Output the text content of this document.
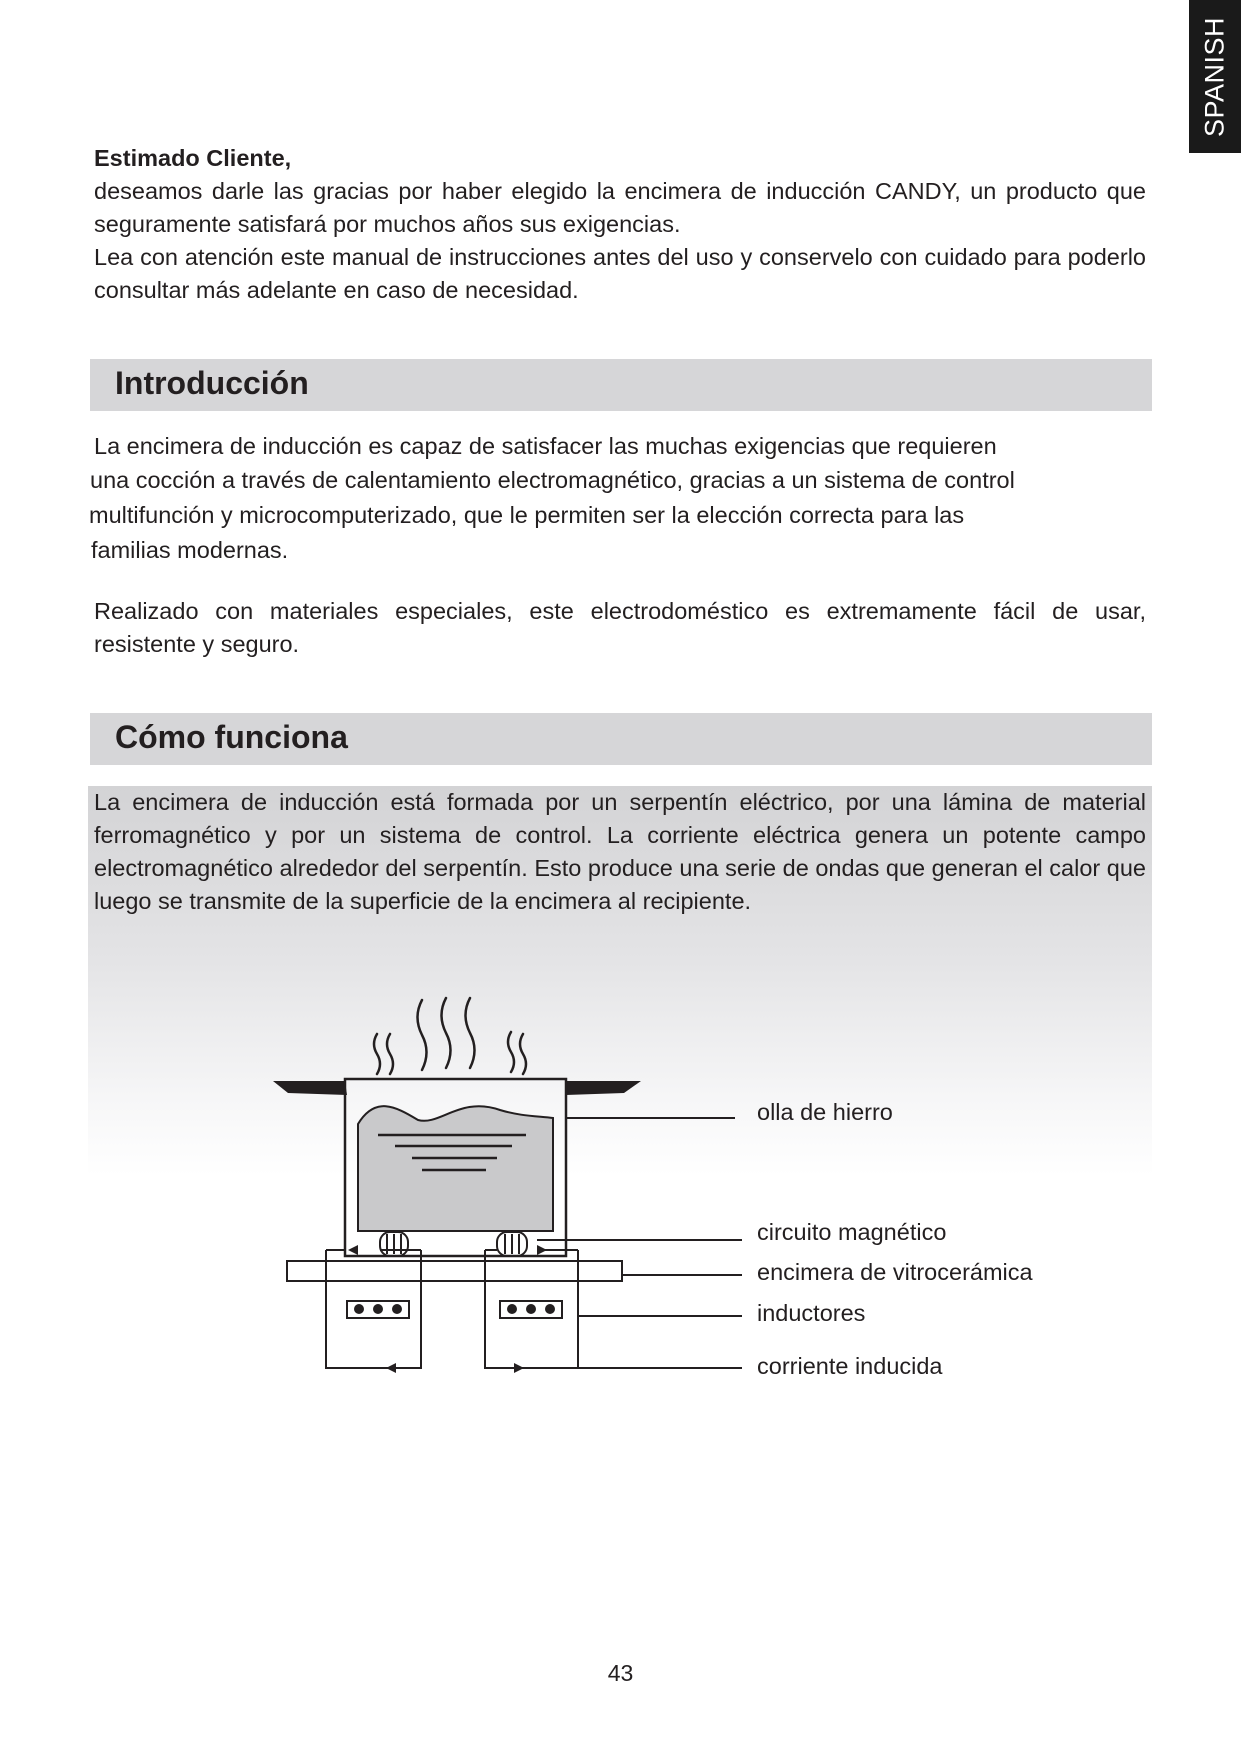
SPANISH
Estimado Cliente,
deseamos darle las gracias por haber elegido la encimera de inducción CANDY, un producto que seguramente satisfará por muchos años sus exigencias.
Lea con atención este manual de instrucciones antes del uso y conservelo con cuidado para poderlo consultar más adelante en caso de necesidad.
Introducción

La encimera de inducción es capaz de satisfacer las muchas exigencias que requieren

una cocción a través de calentamiento electromagnético, gracias a un sistema de control

multifunción y microcomputerizado, que le permiten ser la elección correcta para las

familias modernas.

Realizado con materiales especiales, este electrodoméstico es extremamente fácil de usar, resistente y seguro.

Cómo funciona

La encimera de inducción está formada por un serpentín eléctrico, por una lámina de material ferromagnético y por un sistema de control. La corriente eléctrica genera un potente campo electromagnético alrededor del serpentín. Esto produce una serie de ondas que generan el calor que luego se transmite de la superficie de la encimera al recipiente.

olla de hierro
circuito magnético
encimera de vitrocerámica
inductores
corriente inducida
43
